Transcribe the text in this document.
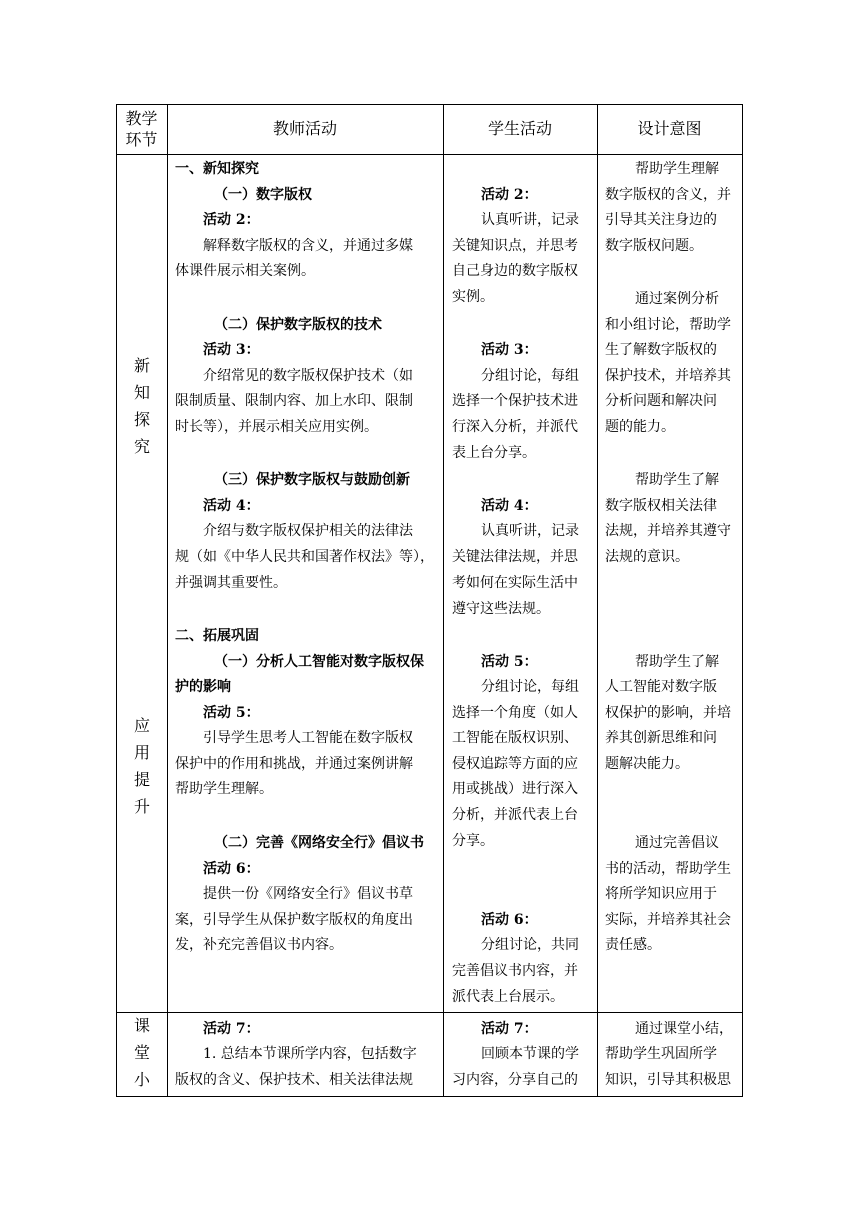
教学
环节
教师活动	学生活动	设计意图
新
知
探
究
应
用
提
升
课
堂
小
一、新知探究
（一）数字版权
活动 2：
解释数字版权的含义，并通过多媒
体课件展示相关案例。
（二）保护数字版权的技术
活动 3：
介绍常见的数字版权保护技术（如
限制质量、限制内容、加上水印、限制
时长等），并展示相关应用实例。
（三）保护数字版权与鼓励创新
活动 4：
介绍与数字版权保护相关的法律法
规（如《中华人民共和国著作权法》等），
并强调其重要性。
二、拓展巩固
（一）分析人工智能对数字版权保
护的影响
活动 5：
引导学生思考人工智能在数字版权
保护中的作用和挑战，并通过案例讲解
帮助学生理解。
（二）完善《网络安全行》倡议书
活动 6：
提供一份《网络安全行》倡议书草
案，引导学生从保护数字版权的角度出
发，补充完善倡议书内容。
活动 7：
1. 总结本节课所学内容，包括数字
版权的含义、保护技术、相关法律法规
活动 2：
认真听讲，记录
关键知识点，并思考
自己身边的数字版权
实例。
活动 3：
分组讨论，每组
选择一个保护技术进
行深入分析，并派代
表上台分享。
活动 4：
认真听讲，记录
关键法律法规，并思
考如何在实际生活中
遵守这些法规。
活动 5：
分组讨论，每组
选择一个角度（如人
工智能在版权识别、
侵权追踪等方面的应
用或挑战）进行深入
分析，并派代表上台
分享。
活动 6：
分组讨论，共同
完善倡议书内容，并
派代表上台展示。
活动 7：
回顾本节课的学
习内容，分享自己的
帮助学生理解
数字版权的含义，并
引导其关注身边的
数字版权问题。
通过案例分析
和小组讨论，帮助学
生了解数字版权的
保护技术，并培养其
分析问题和解决问
题的能力。
帮助学生了解
数字版权相关法律
法规，并培养其遵守
法规的意识。
帮助学生了解
人工智能对数字版
权保护的影响，并培
养其创新思维和问
题解决能力。
通过完善倡议
书的活动，帮助学生
将所学知识应用于
实际，并培养其社会
责任感。
通过课堂小结，
帮助学生巩固所学
知识，引导其积极思
